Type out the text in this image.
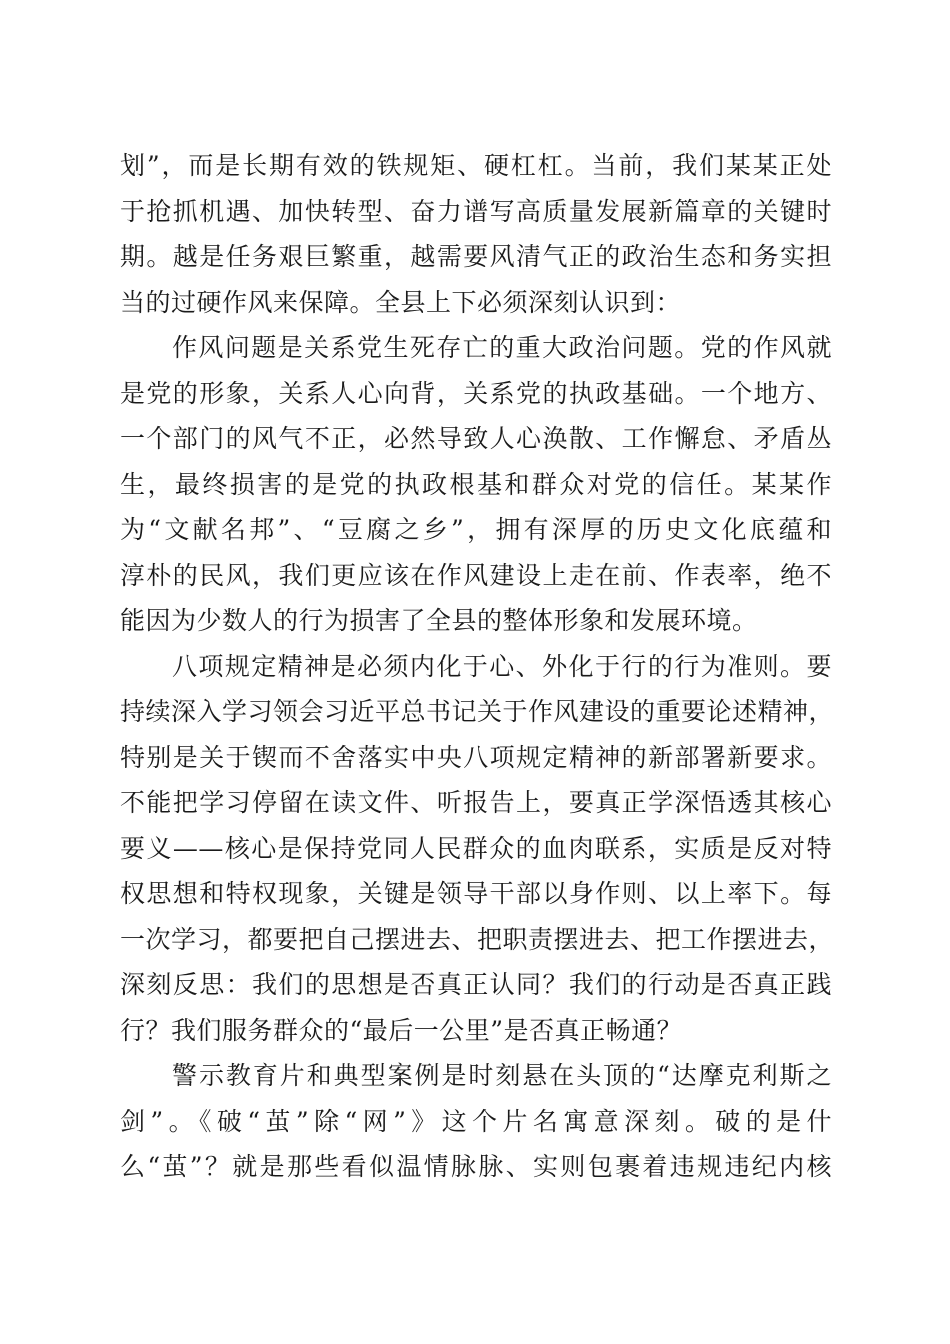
划”，而是长期有效的铁规矩、硬杠杠。当前，我们某某正处
于抢抓机遇、加快转型、奋力谱写高质量发展新篇章的关键时
期。越是任务艰巨繁重，越需要风清气正的政治生态和务实担
当的过硬作风来保障。全县上下必须深刻认识到：
作风问题是关系党生死存亡的重大政治问题。党的作风就
是党的形象，关系人心向背，关系党的执政基础。一个地方、
一个部门的风气不正，必然导致人心涣散、工作懈怠、矛盾丛
生，最终损害的是党的执政根基和群众对党的信任。某某作
为“文献名邦”、“豆腐之乡”，拥有深厚的历史文化底蕴和
淳朴的民风，我们更应该在作风建设上走在前、作表率，绝不
能因为少数人的行为损害了全县的整体形象和发展环境。
八项规定精神是必须内化于心、外化于行的行为准则。要
持续深入学习领会习近平总书记关于作风建设的重要论述精神，
特别是关于锲而不舍落实中央八项规定精神的新部署新要求。
不能把学习停留在读文件、听报告上，要真正学深悟透其核心
要义——核心是保持党同人民群众的血肉联系，实质是反对特
权思想和特权现象，关键是领导干部以身作则、以上率下。每
一次学习，都要把自己摆进去、把职责摆进去、把工作摆进去，
深刻反思：我们的思想是否真正认同？我们的行动是否真正践
行？我们服务群众的“最后一公里”是否真正畅通？
警示教育片和典型案例是时刻悬在头顶的“达摩克利斯之
剑”。《破“茧”除“网”》这个片名寓意深刻。破的是什
么“茧”？就是那些看似温情脉脉、实则包裹着违规违纪内核
